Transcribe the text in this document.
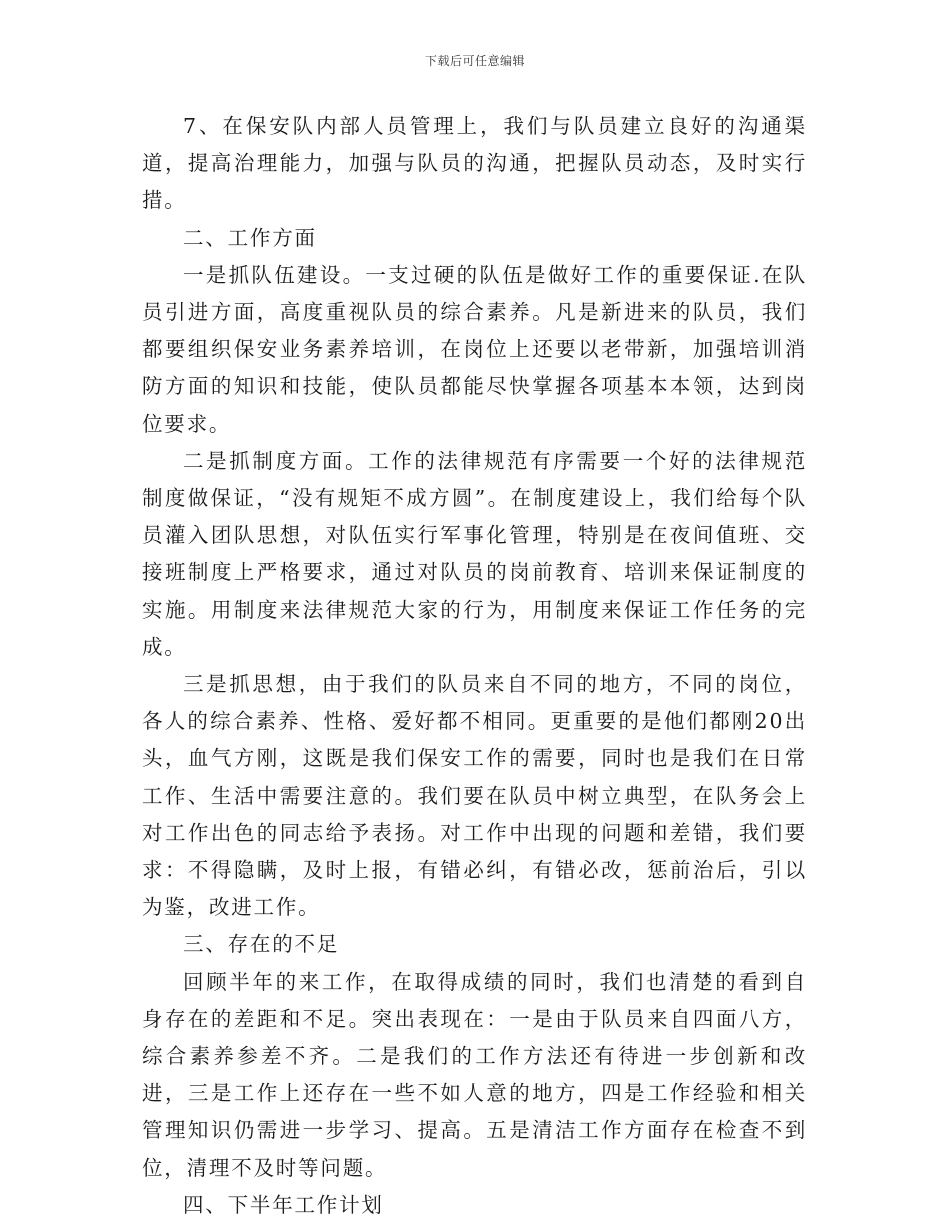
下载后可任意编辑

7、在保安队内部人员管理上，我们与队员建立良好的沟通渠道，提高治理能力，加强与队员的沟通，把握队员动态，及时实行措。

二、工作方面

一是抓队伍建设。一支过硬的队伍是做好工作的重要保证.在队员引进方面，高度重视队员的综合素养。凡是新进来的队员，我们都要组织保安业务素养培训，在岗位上还要以老带新，加强培训消防方面的知识和技能，使队员都能尽快掌握各项基本本领，达到岗位要求。

二是抓制度方面。工作的法律规范有序需要一个好的法律规范制度做保证，“没有规矩不成方圆”。在制度建设上，我们给每个队员灌入团队思想，对队伍实行军事化管理，特别是在夜间值班、交接班制度上严格要求，通过对队员的岗前教育、培训来保证制度的实施。用制度来法律规范大家的行为，用制度来保证工作任务的完成。

三是抓思想，由于我们的队员来自不同的地方，不同的岗位，各人的综合素养、性格、爱好都不相同。更重要的是他们都刚20出头，血气方刚，这既是我们保安工作的需要，同时也是我们在日常工作、生活中需要注意的。我们要在队员中树立典型，在队务会上对工作出色的同志给予表扬。对工作中出现的问题和差错，我们要求：不得隐瞒，及时上报，有错必纠，有错必改，惩前治后，引以为鉴，改进工作。

三、存在的不足

回顾半年的来工作，在取得成绩的同时，我们也清楚的看到自身存在的差距和不足。突出表现在：一是由于队员来自四面八方，综合素养参差不齐。二是我们的工作方法还有待进一步创新和改进，三是工作上还存在一些不如人意的地方，四是工作经验和相关管理知识仍需进一步学习、提高。五是清洁工作方面存在检查不到位，清理不及时等问题。

四、下半年工作计划
